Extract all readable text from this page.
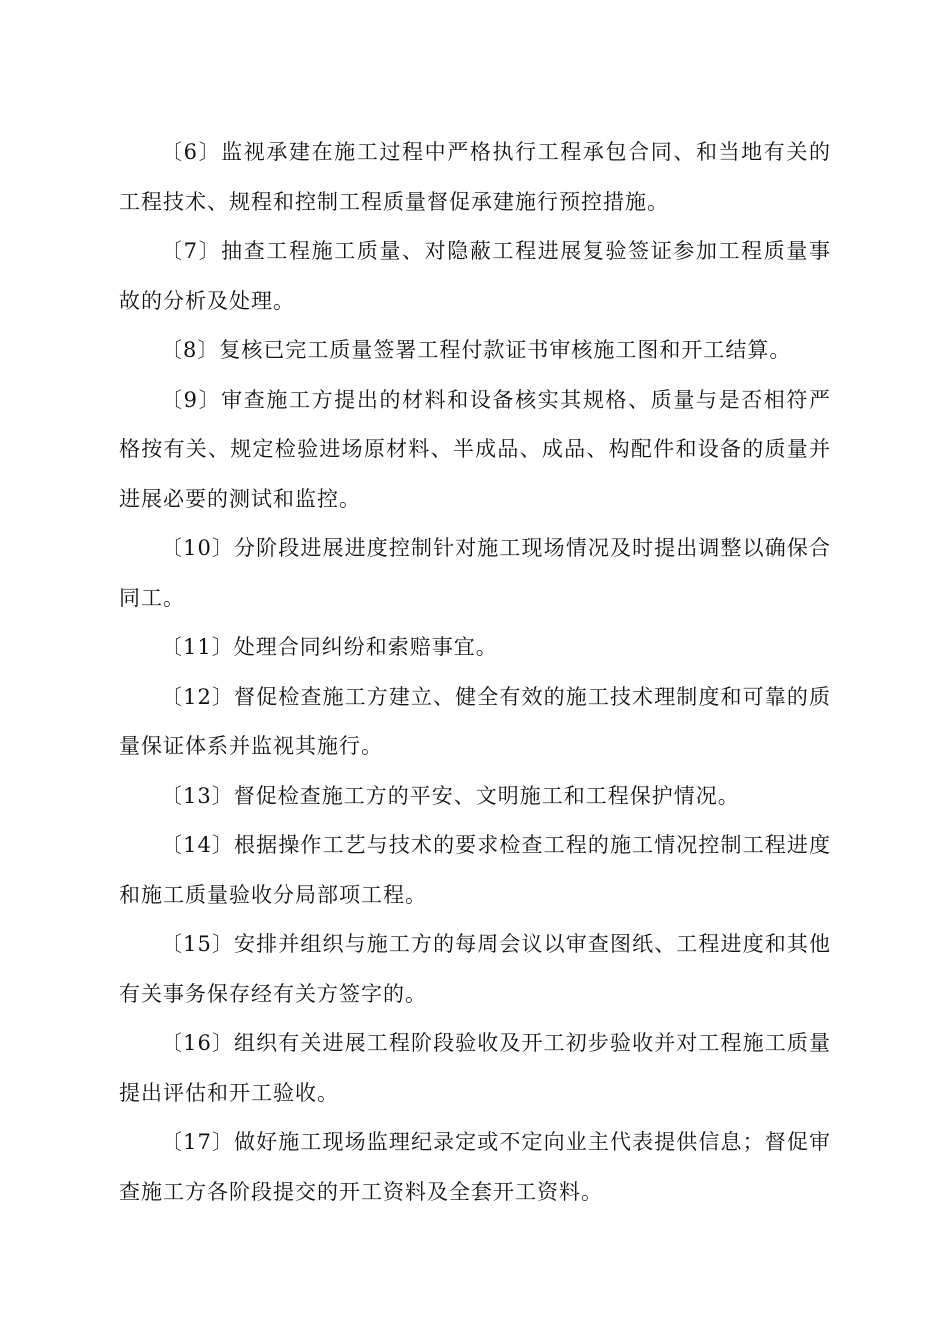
〔6〕监视承建在施工过程中严格执行工程承包合同、和当地有关的工程技术、规程和控制工程质量督促承建施行预控措施。

〔7〕抽查工程施工质量、对隐蔽工程进展复验签证参加工程质量事故的分析及处理。

〔8〕复核已完工质量签署工程付款证书审核施工图和开工结算。

〔9〕审查施工方提出的材料和设备核实其规格、质量与是否相符严格按有关、规定检验进场原材料、半成品、成品、构配件和设备的质量并进展必要的测试和监控。

〔10〕分阶段进展进度控制针对施工现场情况及时提出调整以确保合同工。

〔11〕处理合同纠纷和索赔事宜。

〔12〕督促检查施工方建立、健全有效的施工技术理制度和可靠的质量保证体系并监视其施行。

〔13〕督促检查施工方的平安、文明施工和工程保护情况。

〔14〕根据操作工艺与技术的要求检查工程的施工情况控制工程进度和施工质量验收分局部项工程。

〔15〕安排并组织与施工方的每周会议以审查图纸、工程进度和其他有关事务保存经有关方签字的。

〔16〕组织有关进展工程阶段验收及开工初步验收并对工程施工质量提出评估和开工验收。

〔17〕做好施工现场监理纪录定或不定向业主代表提供信息；督促审查施工方各阶段提交的开工资料及全套开工资料。
